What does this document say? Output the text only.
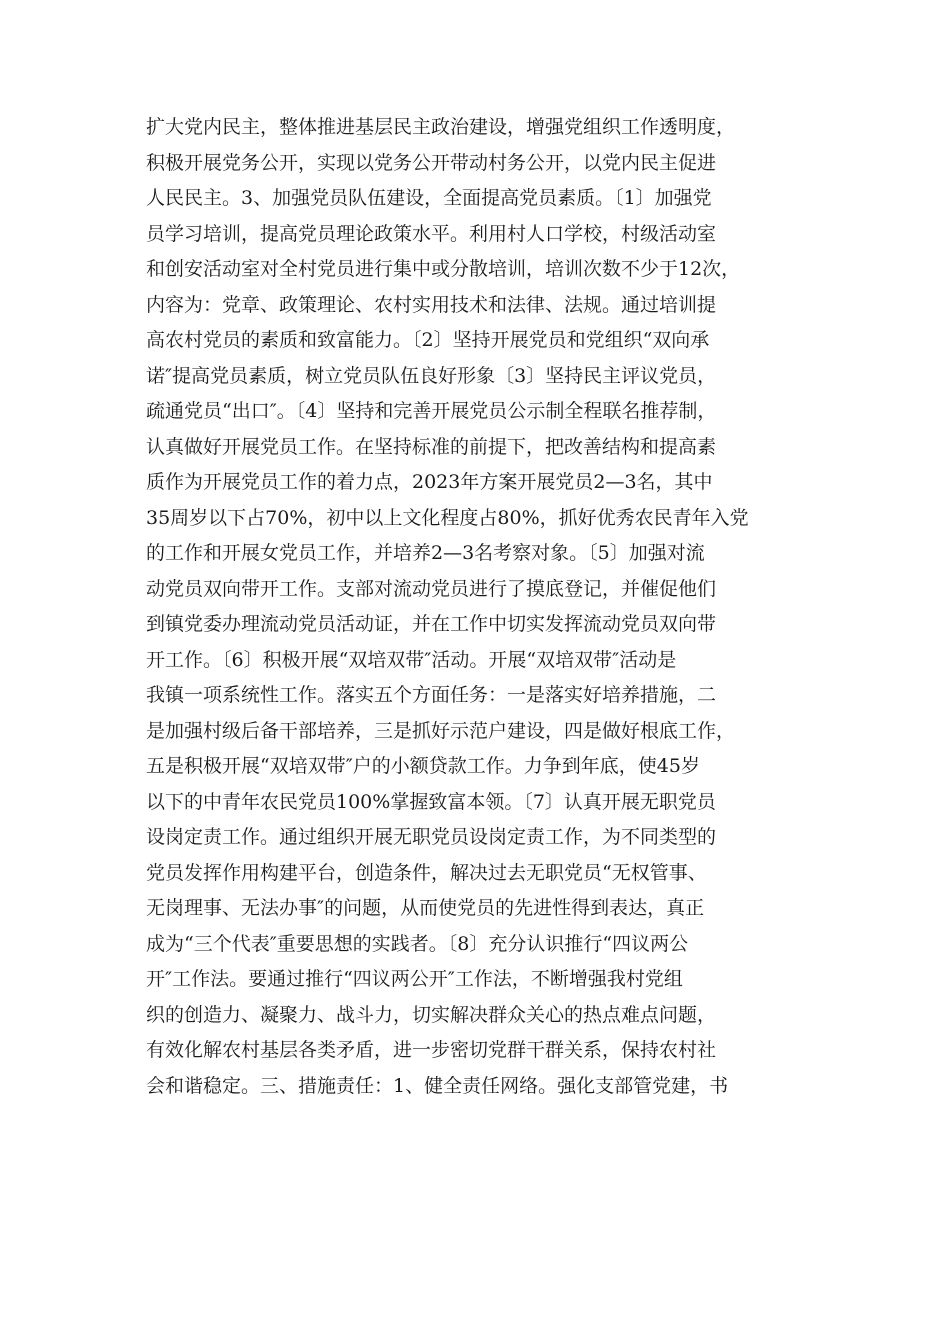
扩大党内民主，整体推进基层民主政治建设，增强党组织工作透明度，
积极开展党务公开，实现以党务公开带动村务公开，以党内民主促进
人民民主。3、加强党员队伍建设，全面提高党员素质。〔1〕加强党
员学习培训，提高党员理论政策水平。利用村人口学校，村级活动室
和创安活动室对全村党员进行集中或分散培训，培训次数不少于12次，
内容为：党章、政策理论、农村实用技术和法律、法规。通过培训提
高农村党员的素质和致富能力。〔2〕坚持开展党员和党组织“双向承
诺″提高党员素质，树立党员队伍良好形象〔3〕坚持民主评议党员，
疏通党员“出口″。〔4〕坚持和完善开展党员公示制全程联名推荐制，
认真做好开展党员工作。在坚持标准的前提下，把改善结构和提高素
质作为开展党员工作的着力点，2023年方案开展党员2—3名，其中
35周岁以下占70%，初中以上文化程度占80%，抓好优秀农民青年入党
的工作和开展女党员工作，并培养2—3名考察对象。〔5〕加强对流
动党员双向带开工作。支部对流动党员进行了摸底登记，并催促他们
到镇党委办理流动党员活动证，并在工作中切实发挥流动党员双向带
开工作。〔6〕积极开展“双培双带″活动。开展“双培双带″活动是
我镇一项系统性工作。落实五个方面任务：一是落实好培养措施，二
是加强村级后备干部培养，三是抓好示范户建设，四是做好根底工作，
五是积极开展“双培双带″户的小额贷款工作。力争到年底，使45岁
以下的中青年农民党员100%掌握致富本领。〔7〕认真开展无职党员
设岗定责工作。通过组织开展无职党员设岗定责工作，为不同类型的
党员发挥作用构建平台，创造条件，解决过去无职党员“无权管事、
无岗理事、无法办事″的问题，从而使党员的先进性得到表达，真正
成为“三个代表″重要思想的实践者。〔8〕充分认识推行“四议两公
开″工作法。要通过推行“四议两公开″工作法，不断增强我村党组
织的创造力、凝聚力、战斗力，切实解决群众关心的热点难点问题，
有效化解农村基层各类矛盾，进一步密切党群干群关系，保持农村社
会和谐稳定。三、措施责任：1、健全责任网络。强化支部管党建，书
